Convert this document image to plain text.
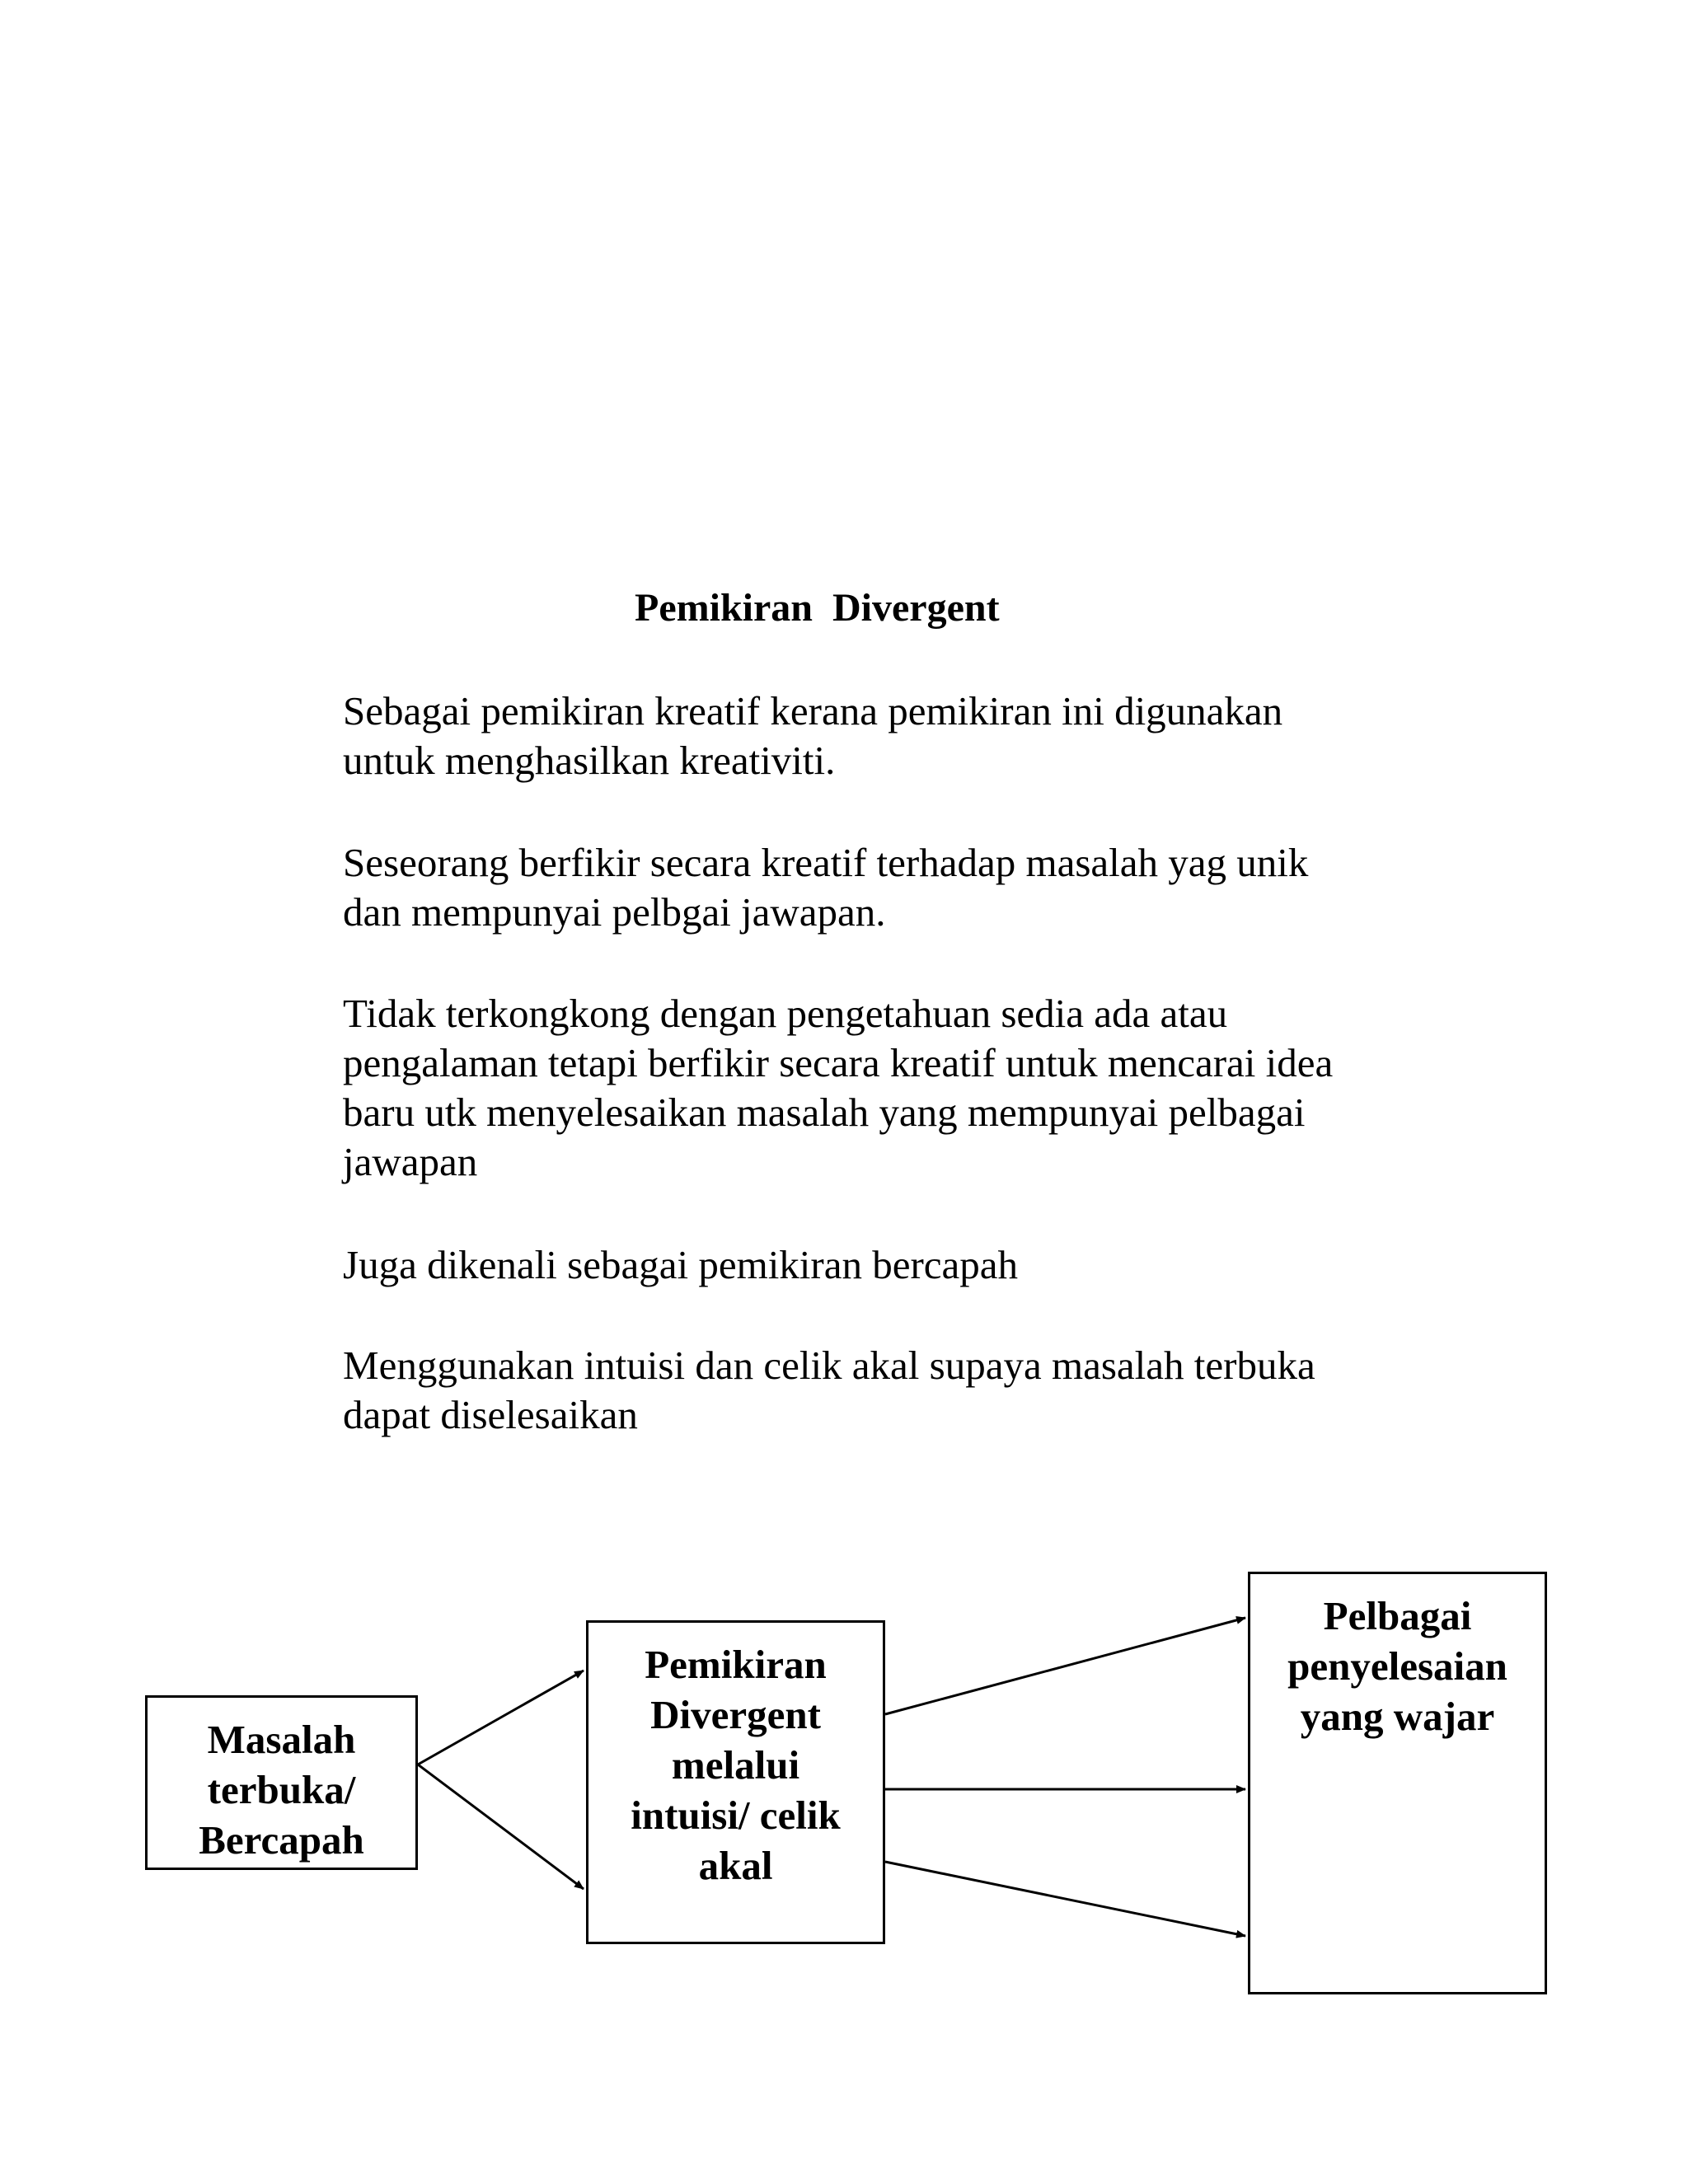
Pemikiran  Divergent

Sebagai pemikiran kreatif kerana pemikiran ini digunakan
untuk menghasilkan kreativiti.

Seseorang berfikir secara kreatif terhadap masalah yag unik
dan mempunyai pelbgai jawapan.

Tidak terkongkong dengan pengetahuan sedia ada atau
pengalaman tetapi berfikir secara kreatif untuk mencarai idea
baru utk menyelesaikan masalah yang mempunyai pelbagai
jawapan

Juga dikenali sebagai pemikiran bercapah

Menggunakan intuisi dan celik akal supaya masalah terbuka
dapat diselesaikan

Masalah
terbuka/
Bercapah
Pemikiran
Divergent
melalui
intuisi/ celik
akal
Pelbagai
penyelesaian
yang wajar
